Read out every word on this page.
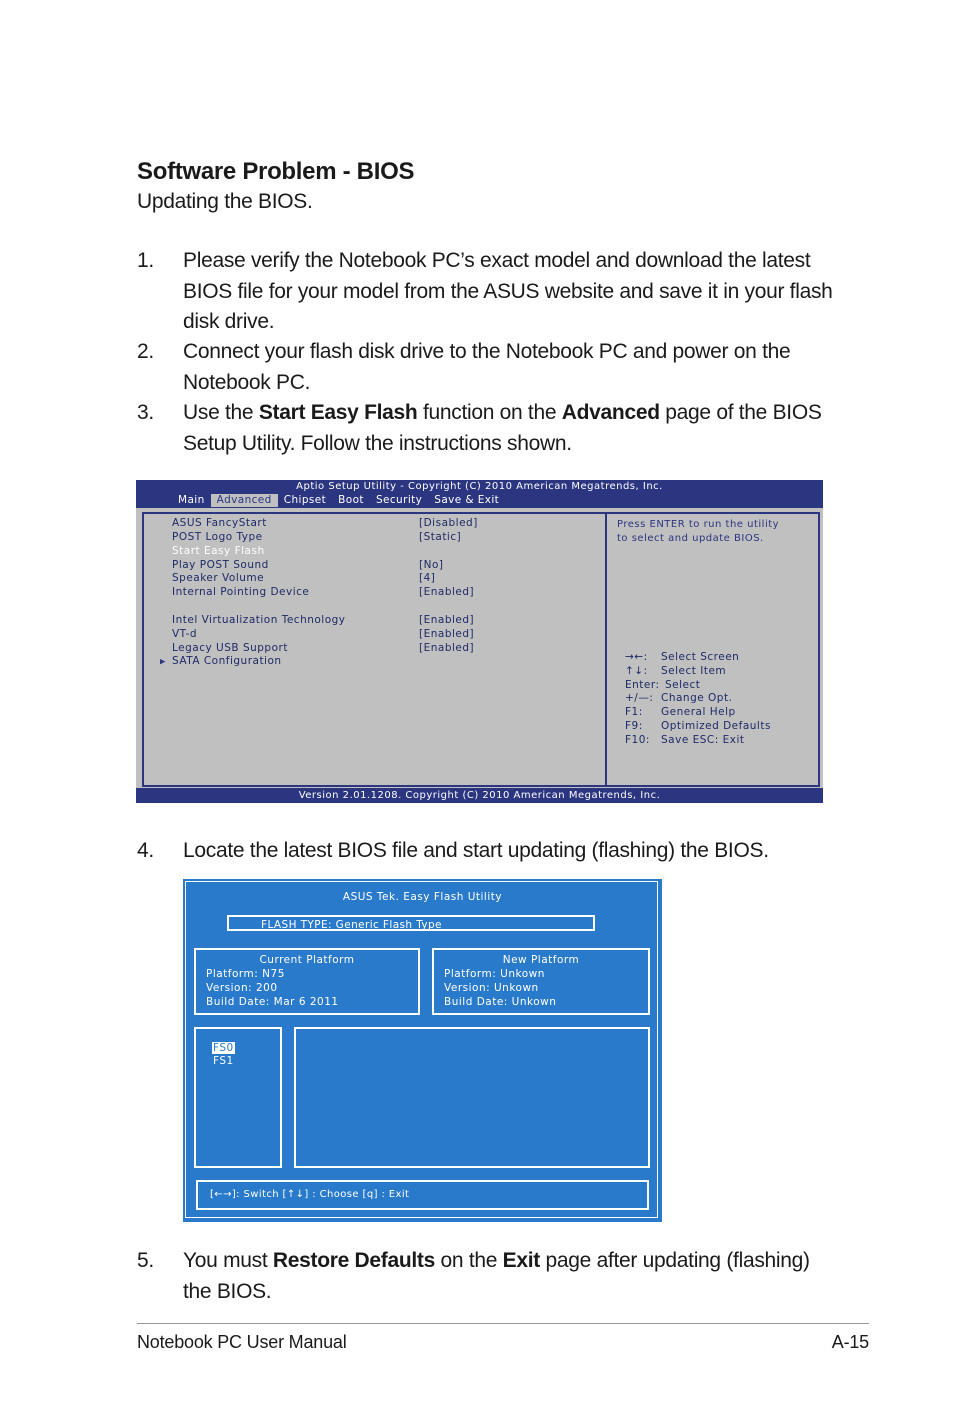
Software Problem - BIOS
Updating the BIOS.
1. Please verify the Notebook PC’s exact model and download the latest BIOS file for your model from the ASUS website and save it in your flash disk drive.
2. Connect your flash disk drive to the Notebook PC and power on the Notebook PC.
3. Use the Start Easy Flash function on the Advanced page of the BIOS Setup Utility. Follow the instructions shown.
Aptio Setup Utility - Copyright (C) 2010 American Megatrends, Inc.
Main	Advanced	Chipset	Boot	Security	Save & Exit
ASUS FancyStart	[Disabled]
POST Logo Type	[Static]
Start Easy Flash
Play POST Sound	[No]
Speaker Volume	[4]
Internal Pointing Device	[Enabled]
Intel Virtualization Technology	[Enabled]
VT-d	[Enabled]
Legacy USB Support	[Enabled]
▶ SATA Configuration
Press ENTER to run the utility
to select and update BIOS.
→←: Select Screen
↑↓: Select Item
Enter: Select
+/—: Change Opt.
F1: General Help
F9: Optimized Defaults
F10: Save ESC: Exit
Version 2.01.1208. Copyright (C) 2010 American Megatrends, Inc.
4. Locate the latest BIOS file and start updating (flashing) the BIOS.
ASUS Tek. Easy Flash Utility
FLASH TYPE: Generic Flash Type
Current Platform
Platform: N75
Version: 200
Build Date: Mar 6 2011
New Platform
Platform: Unkown
Version: Unkown
Build Date: Unkown
FS0
FS1
[←→]: Switch [↑↓] : Choose [q] : Exit
5. You must Restore Defaults on the Exit page after updating (flashing) the BIOS.
Notebook PC User Manual	A-15
